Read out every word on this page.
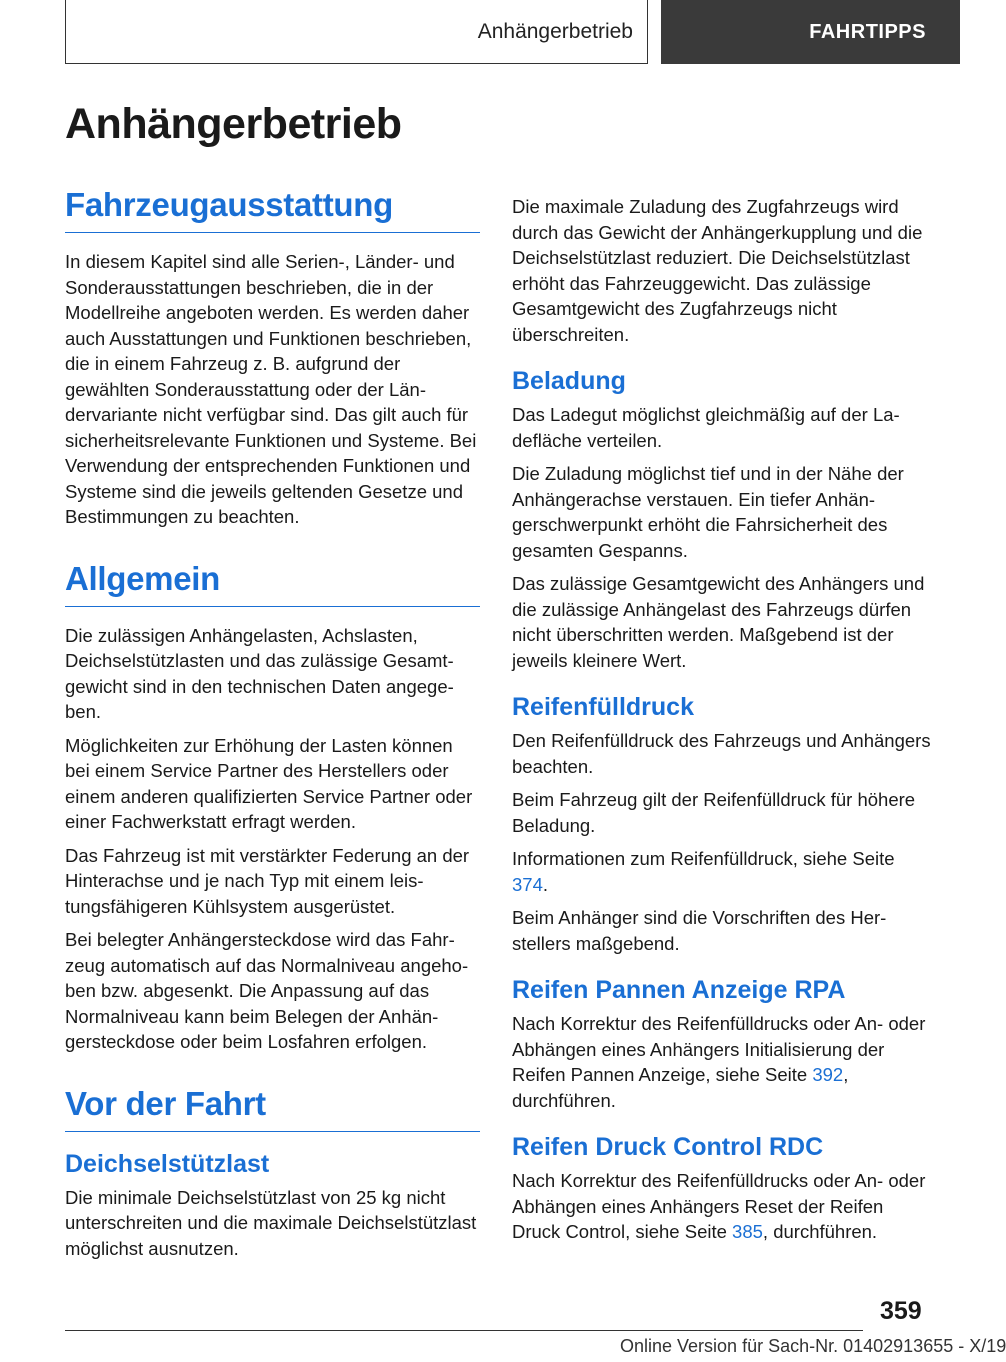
Anhängerbetrieb	FAHRTIPPS
Anhängerbetrieb
Fahrzeugausstattung

In diesem Kapitel sind alle Serien-, Länder- und Sonderausstattungen beschrieben, die in der Modellreihe angeboten werden. Es werden daher auch Ausstattungen und Funktionen beschrieben, die in einem Fahrzeug z. B. aufgrund der gewählten Sonderausstattung oder der Ländervariante nicht verfügbar sind. Das gilt auch für sicherheitsrelevante Funktionen und Systeme. Bei Verwendung der entsprechenden Funktionen und Systeme sind die jeweils geltenden Gesetze und Bestimmungen zu beachten.

Allgemein

Die zulässigen Anhängelasten, Achslasten, Deichselstützlasten und das zulässige Gesamtgewicht sind in den technischen Daten angegeben.

Möglichkeiten zur Erhöhung der Lasten können bei einem Service Partner des Herstellers oder einem anderen qualifizierten Service Partner oder einer Fachwerkstatt erfragt werden.

Das Fahrzeug ist mit verstärkter Federung an der Hinterachse und je nach Typ mit einem leistungsfähigeren Kühlsystem ausgerüstet.

Bei belegter Anhängersteckdose wird das Fahrzeug automatisch auf das Normalniveau angehoben bzw. abgesenkt. Die Anpassung auf das Normalniveau kann beim Belegen der Anhängersteckdose oder beim Losfahren erfolgen.

Vor der Fahrt
Deichselstützlast

Die minimale Deichselstützlast von 25 kg nicht unterschreiten und die maximale Deichselstützlast möglichst ausnutzen.

Die maximale Zuladung des Zugfahrzeugs wird durch das Gewicht der Anhängerkupplung und die Deichselstützlast reduziert. Die Deichselstützlast erhöht das Fahrzeuggewicht. Das zulässige Gesamtgewicht des Zugfahrzeugs nicht überschreiten.

Beladung

Das Ladegut möglichst gleichmäßig auf der Ladefläche verteilen.

Die Zuladung möglichst tief und in der Nähe der Anhängerachse verstauen. Ein tiefer Anhängerschwerpunkt erhöht die Fahrsicherheit des gesamten Gespanns.

Das zulässige Gesamtgewicht des Anhängers und die zulässige Anhängelast des Fahrzeugs dürfen nicht überschritten werden. Maßgebend ist der jeweils kleinere Wert.

Reifenfülldruck

Den Reifenfülldruck des Fahrzeugs und Anhängers beachten.

Beim Fahrzeug gilt der Reifenfülldruck für höhere Beladung.

Informationen zum Reifenfülldruck, siehe Seite 374.

Beim Anhänger sind die Vorschriften des Herstellers maßgebend.

Reifen Pannen Anzeige RPA

Nach Korrektur des Reifenfülldrucks oder An- oder Abhängen eines Anhängers Initialisierung der Reifen Pannen Anzeige, siehe Seite 392, durchführen.

Reifen Druck Control RDC

Nach Korrektur des Reifenfülldrucks oder An- oder Abhängen eines Anhängers Reset der Reifen Druck Control, siehe Seite 385, durchführen.

359
Online Version für Sach-Nr. 01402913655 - X/19
